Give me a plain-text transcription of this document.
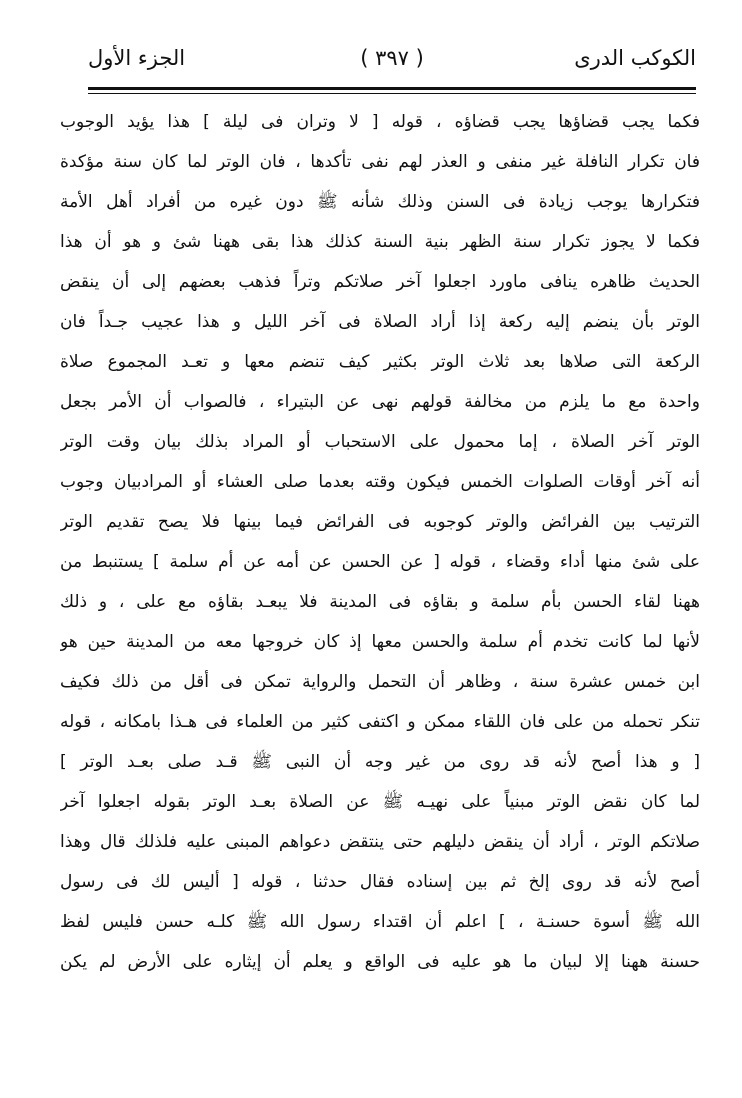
الكوكب الدرى
( ۳۹۷ )
الجزء الأول
فكما يجب قضاؤها يجب قضاؤه ، قوله [ لا وتران فى ليلة ] هذا يؤيد الوجوب
فان تكرار النافلة غير منفى و العذر لهم نفى تأكدها ، فان الوتر لما كان سنة مؤكدة
فتكرارها يوجب زيادة فى السنن وذلك شأنه ﷺ دون غيره من أفراد أهل الأمة
فكما لا يجوز تكرار سنة الظهر بنية السنة كذلك هذا بقى ههنا شئ و هو أن هذا
الحديث ظاهره ينافى ماورد اجعلوا آخر صلاتكم وتراً فذهب بعضهم إلى أن ينقض
الوتر بأن ينضم إليه ركعة إذا أراد الصلاة فى آخر الليل و هذا عجيب جـداً فان
الركعة التى صلاها بعد ثلاث الوتر بكثير كيف تنضم معها و تعـد المجموع صلاة
واحدة مع ما يلزم من مخالفة قولهم نهى عن البتيراء ، فالصواب أن الأمر بجعل
الوتر آخر الصلاة ، إما محمول على الاستحباب أو المراد بذلك بيان وقت الوتر
أنه آخر أوقات الصلوات الخمس فيكون وقته بعدما صلى العشاء أو المرادبيان وجوب
الترتيب بين الفرائض والوتر كوجوبه فى الفرائض فيما بينها فلا يصح تقديم الوتر
على شئ منها أداء وقضاء ، قوله [ عن الحسن عن أمه عن أم سلمة ] يستنبط من
ههنا لقاء الحسن بأم سلمة و بقاؤه فى المدينة فلا يبعـد بقاؤه مع على ، و ذلك
لأنها لما كانت تخدم أم سلمة والحسن معها إذ كان خروجها معه من المدينة حين هو
ابن خمس عشرة سنة ، وظاهر أن التحمل والرواية تمكن فى أقل من ذلك فكيف
تنكر تحمله من على فان اللقاء ممكن و اكتفى كثير من العلماء فى هـذا بامكانه ، قوله
[ و هذا أصح لأنه قد روى من غير وجه أن النبى ﷺ قـد صلى بعـد الوتر ]
لما كان نقض الوتر مبنياً على نهيـه ﷺ عن الصلاة بعـد الوتر بقوله اجعلوا آخر
صلاتكم الوتر ، أراد أن ينقض دليلهم حتى ينتقض دعواهم المبنى عليه فلذلك قال وهذا
أصح لأنه قد روى إلخ ثم بين إسناده فقال حدثنا ، قوله [ أليس لك فى رسول
الله ﷺ أسوة حسنـة ، ] اعلم أن اقتداء رسول الله ﷺ كلـه حسن فليس لفظ
حسنة ههنا إلا لبيان ما هو عليه فى الواقع و يعلم أن إيثاره على الأرض لم يكن
